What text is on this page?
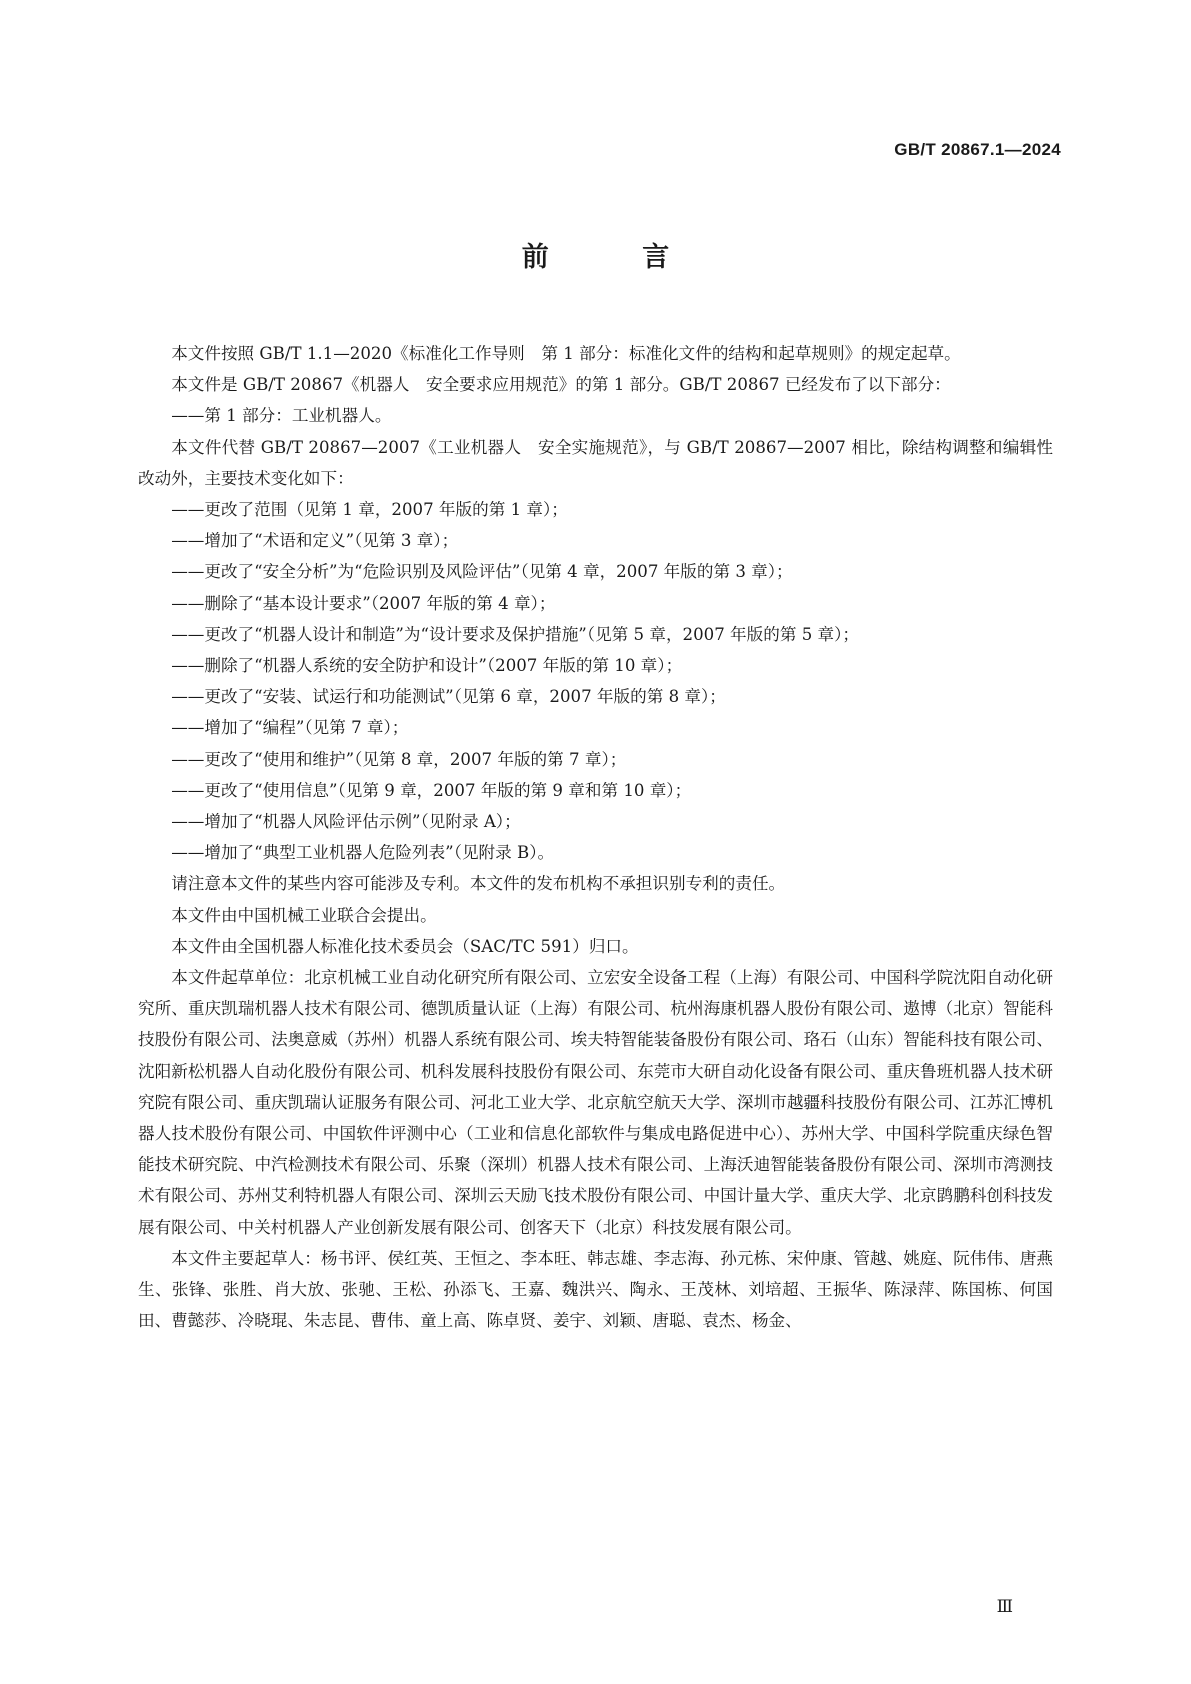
GB/T 20867.1—2024
前 言

本文件按照 GB/T 1.1—2020《标准化工作导则　第 1 部分：标准化文件的结构和起草规则》的规定起草。

本文件是 GB/T 20867《机器人　安全要求应用规范》的第 1 部分。GB/T 20867 已经发布了以下部分：

——第 1 部分：工业机器人。

本文件代替 GB/T 20867—2007《工业机器人　安全实施规范》，与 GB/T 20867—2007 相比，除结构调整和编辑性改动外，主要技术变化如下：

——更改了范围（见第 1 章，2007 年版的第 1 章）；

——增加了“术语和定义”（见第 3 章）；

——更改了“安全分析”为“危险识别及风险评估”（见第 4 章，2007 年版的第 3 章）；

——删除了“基本设计要求”（2007 年版的第 4 章）；

——更改了“机器人设计和制造”为“设计要求及保护措施”（见第 5 章，2007 年版的第 5 章）；

——删除了“机器人系统的安全防护和设计”（2007 年版的第 10 章）；

——更改了“安装、试运行和功能测试”（见第 6 章，2007 年版的第 8 章）；

——增加了“编程”（见第 7 章）；

——更改了“使用和维护”（见第 8 章，2007 年版的第 7 章）；

——更改了“使用信息”（见第 9 章，2007 年版的第 9 章和第 10 章）；

——增加了“机器人风险评估示例”（见附录 A）；

——增加了“典型工业机器人危险列表”（见附录 B）。

请注意本文件的某些内容可能涉及专利。本文件的发布机构不承担识别专利的责任。

本文件由中国机械工业联合会提出。

本文件由全国机器人标准化技术委员会（SAC/TC 591）归口。

本文件起草单位：北京机械工业自动化研究所有限公司、立宏安全设备工程（上海）有限公司、中国科学院沈阳自动化研究所、重庆凯瑞机器人技术有限公司、德凯质量认证（上海）有限公司、杭州海康机器人股份有限公司、遨博（北京）智能科技股份有限公司、法奥意威（苏州）机器人系统有限公司、埃夫特智能装备股份有限公司、珞石（山东）智能科技有限公司、沈阳新松机器人自动化股份有限公司、机科发展科技股份有限公司、东莞市大研自动化设备有限公司、重庆鲁班机器人技术研究院有限公司、重庆凯瑞认证服务有限公司、河北工业大学、北京航空航天大学、深圳市越疆科技股份有限公司、江苏汇博机器人技术股份有限公司、中国软件评测中心（工业和信息化部软件与集成电路促进中心）、苏州大学、中国科学院重庆绿色智能技术研究院、中汽检测技术有限公司、乐聚（深圳）机器人技术有限公司、上海沃迪智能装备股份有限公司、深圳市湾测技术有限公司、苏州艾利特机器人有限公司、深圳云天励飞技术股份有限公司、中国计量大学、重庆大学、北京鹍鹏科创科技发展有限公司、中关村机器人产业创新发展有限公司、创客天下（北京）科技发展有限公司。

本文件主要起草人：杨书评、侯红英、王恒之、李本旺、韩志雄、李志海、孙元栋、宋仲康、管越、姚庭、阮伟伟、唐燕生、张锋、张胜、肖大放、张驰、王松、孙添飞、王嘉、魏洪兴、陶永、王茂林、刘培超、王振华、陈渌萍、陈国栋、何国田、曹懿莎、冷晓琨、朱志昆、曹伟、童上高、陈卓贤、姜宇、刘颖、唐聪、袁杰、杨金、

Ⅲ
